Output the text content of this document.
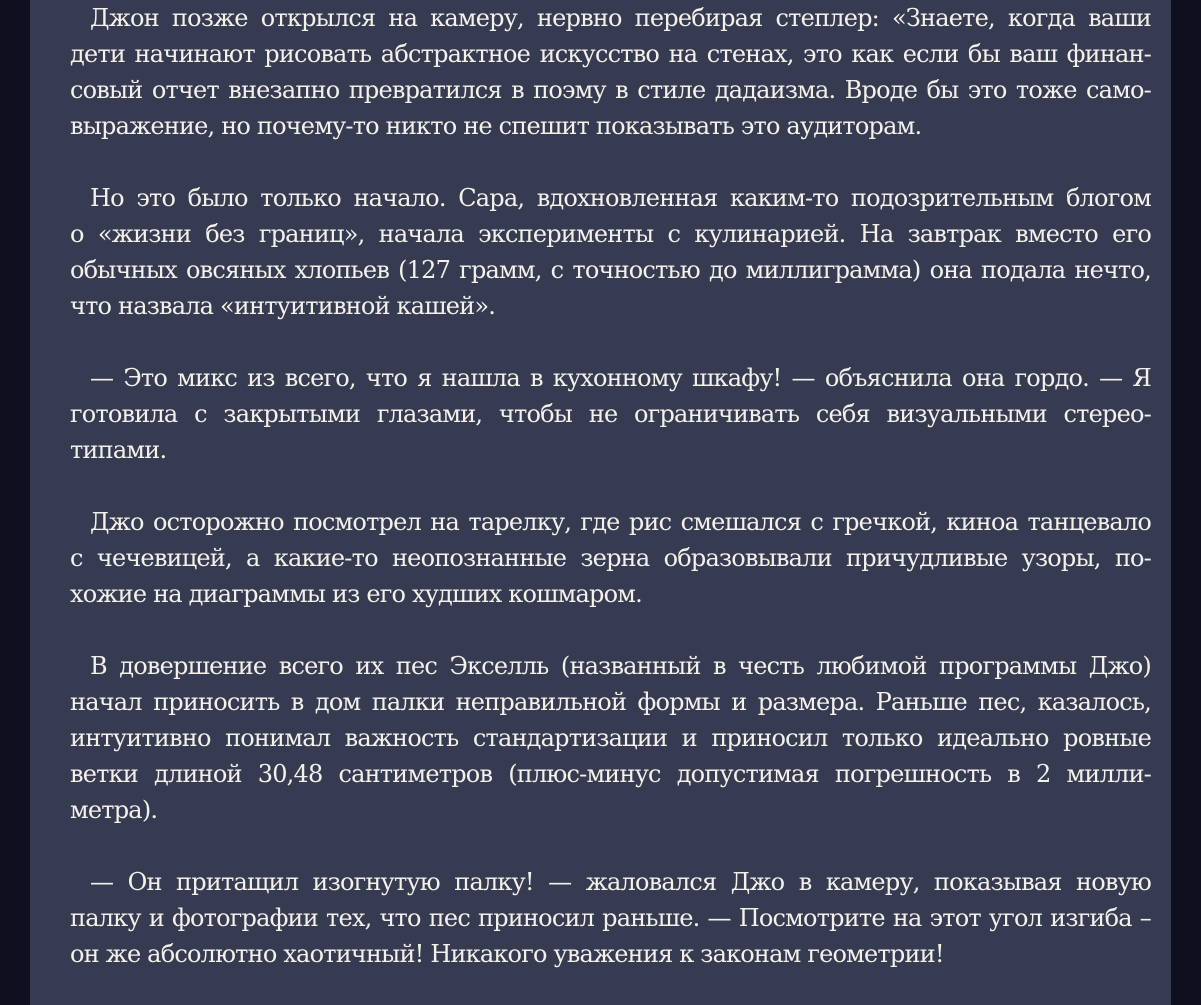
Джон позже открылся на камеру, нервно перебирая степлер: «Знаете, когда ваши
дети начинают рисовать абстрактное искусство на стенах, это как если бы ваш финан-
совый отчет внезапно превратился в поэму в стиле дадаизма. Вроде бы это тоже само-
выражение, но почему-то никто не спешит показывать это аудиторам.
Но это было только начало. Сара, вдохновленная каким-то подозрительным блогом
о «жизни без границ», начала эксперименты с кулинарией. На завтрак вместо его
обычных овсяных хлопьев (127 грамм, с точностью до миллиграмма) она подала нечто,
что назвала «интуитивной кашей».
— Это микс из всего, что я нашла в кухонному шкафу! — объяснила она гордо. — Я
готовила с закрытыми глазами, чтобы не ограничивать себя визуальными стерео-
типами.
Джо осторожно посмотрел на тарелку, где рис смешался с гречкой, киноа танцевало
с чечевицей, а какие-то неопознанные зерна образовывали причудливые узоры, по-
хожие на диаграммы из его худших кошмаром.
В довершение всего их пес Экселль (названный в честь любимой программы Джо)
начал приносить в дом палки неправильной формы и размера. Раньше пес, казалось,
интуитивно понимал важность стандартизации и приносил только идеально ровные
ветки длиной 30,48 сантиметров (плюс-минус допустимая погрешность в 2 милли-
метра).
— Он притащил изогнутую палку! — жаловался Джо в камеру, показывая новую
палку и фотографии тех, что пес приносил раньше. — Посмотрите на этот угол изгиба –
он же абсолютно хаотичный! Никакого уважения к законам геометрии!
